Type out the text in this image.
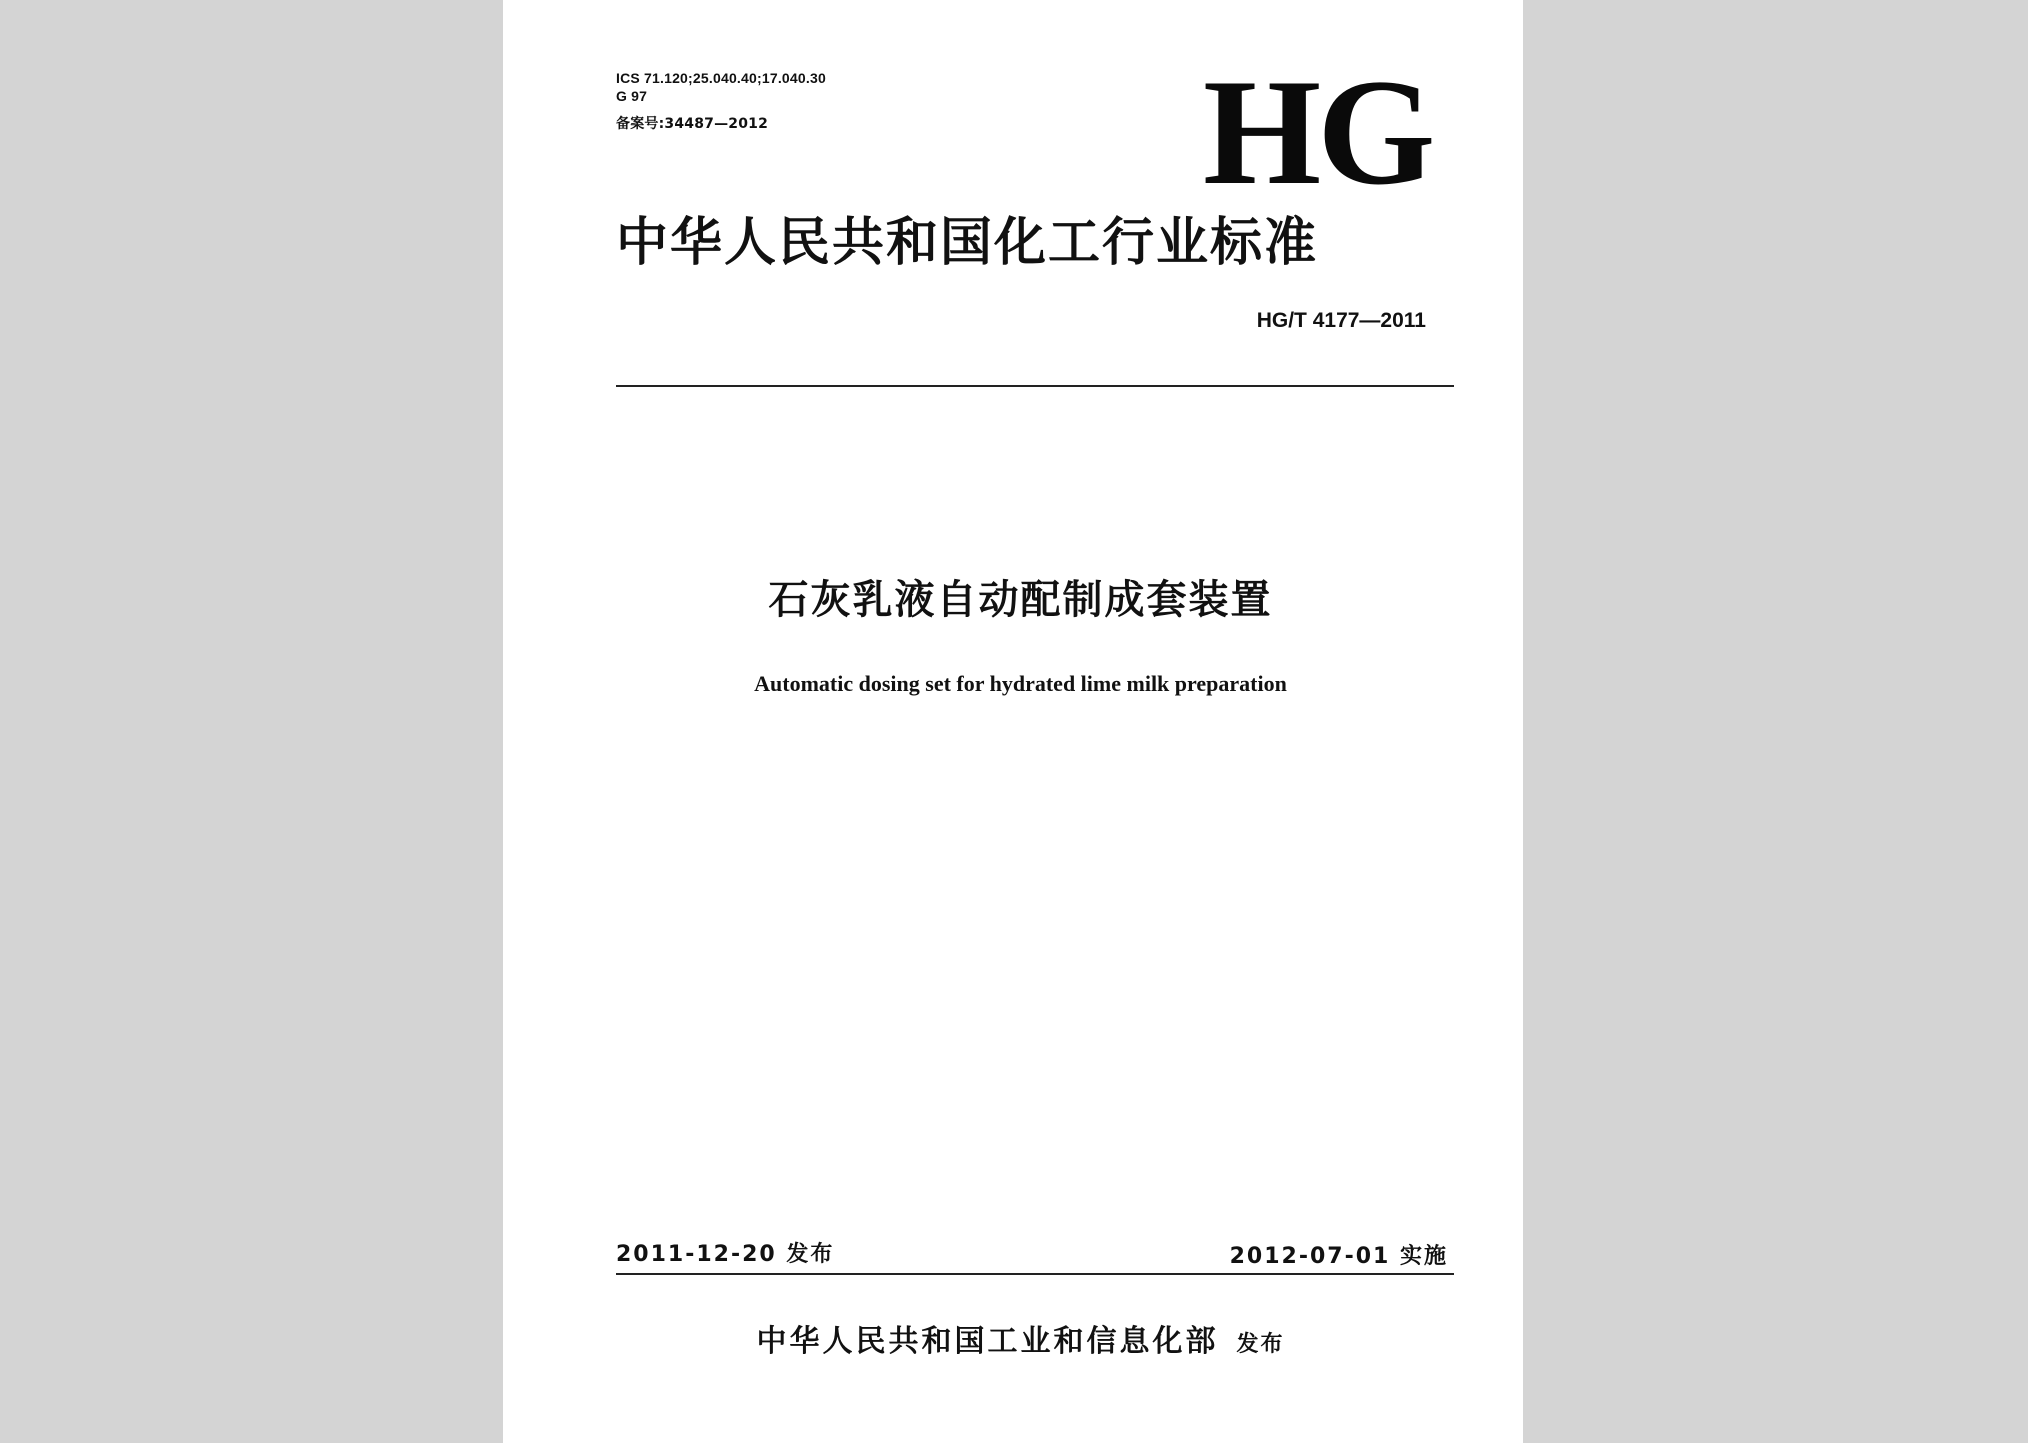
ICS 71.120;25.040.40;17.040.30
G 97
备案号:34487—2012	HG
中华人民共和国化工行业标准
HG/T 4177—2011
石灰乳液自动配制成套装置
Automatic dosing set for hydrated lime milk preparation
2011-12-20 发布	2012-07-01 实施
中华人民共和国工业和信息化部 发布
